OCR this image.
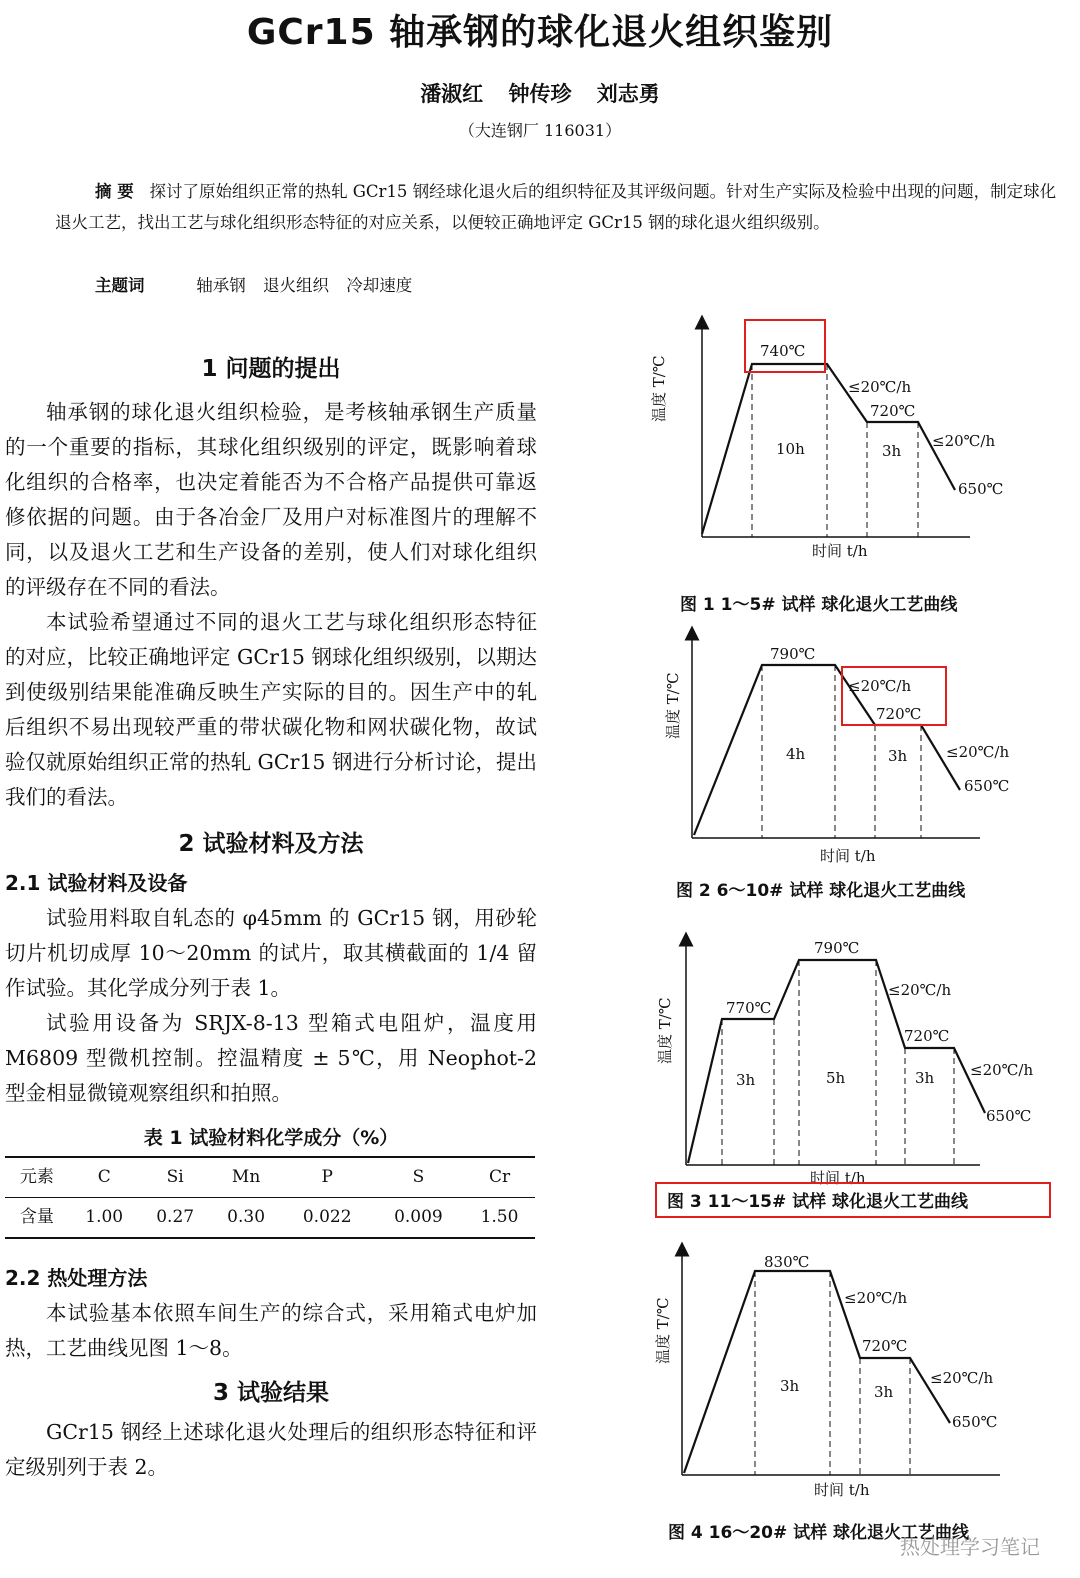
GCr15 轴承钢的球化退火组织鉴别
潘淑红 钟传珍 刘志勇
（大连钢厂 116031）
摘 要 探讨了原始组织正常的热轧 GCr15 钢经球化退火后的组织特征及其评级问题。针对生产实际及检验中出现的问题，制定球化退火工艺，找出工艺与球化组织形态特征的对应关系，以便较正确地评定 GCr15 钢的球化退火组织级别。
主题词	轴承钢 退火组织 冷却速度

1 问题的提出

轴承钢的球化退火组织检验，是考核轴承钢生产质量的一个重要的指标，其球化组织级别的评定，既影响着球化组织的合格率，也决定着能否为不合格产品提供可靠返修依据的问题。由于各冶金厂及用户对标准图片的理解不同，以及退火工艺和生产设备的差别，使人们对球化组织的评级存在不同的看法。

本试验希望通过不同的退火工艺与球化组织形态特征的对应，比较正确地评定 GCr15 钢球化组织级别，以期达到使级别结果能准确反映生产实际的目的。因生产中的轧后组织不易出现较严重的带状碳化物和网状碳化物，故试验仅就原始组织正常的热轧 GCr15 钢进行分析讨论，提出我们的看法。

2 试验材料及方法

2.1 试验材料及设备

试验用料取自轧态的 φ45mm 的 GCr15 钢，用砂轮切片机切成厚 10～20mm 的试片，取其横截面的 1/4 留作试验。其化学成分列于表 1。

试验用设备为 SRJX-8-13 型箱式电阻炉，温度用 M6809 型微机控制。控温精度 ± 5℃，用 Neophot-2 型金相显微镜观察组织和拍照。

表 1 试验材料化学成分（%）
元素	C	Si	Mn	P	S	Cr
含量	1.00	0.27	0.30	0.022	0.009	1.50
2.2 热处理方法

本试验基本依照车间生产的综合式，采用箱式电炉加热，工艺曲线见图 1～8。

3 试验结果

GCr15 钢经上述球化退火处理后的组织形态特征和评定级别列于表 2。

740℃
≤20℃/h
720℃
≤20℃/h
650℃
10h	3h
温度 T/℃
时间 t/h
图 1 1～5# 试样 球化退火工艺曲线
790℃
≤20℃/h
720℃
≤20℃/h
650℃
4h	3h
温度 T/℃
时间 t/h
图 2 6～10# 试样 球化退火工艺曲线
770℃
790℃
≤20℃/h
720℃
≤20℃/h
650℃
3h	5h	3h
温度 T/℃
时间 t/h
图 3 11～15# 试样 球化退火工艺曲线
830℃
≤20℃/h
720℃
≤20℃/h
650℃
3h	3h
温度 T/℃
时间 t/h
图 4 16～20# 试样 球化退火工艺曲线
热处理学习笔记
